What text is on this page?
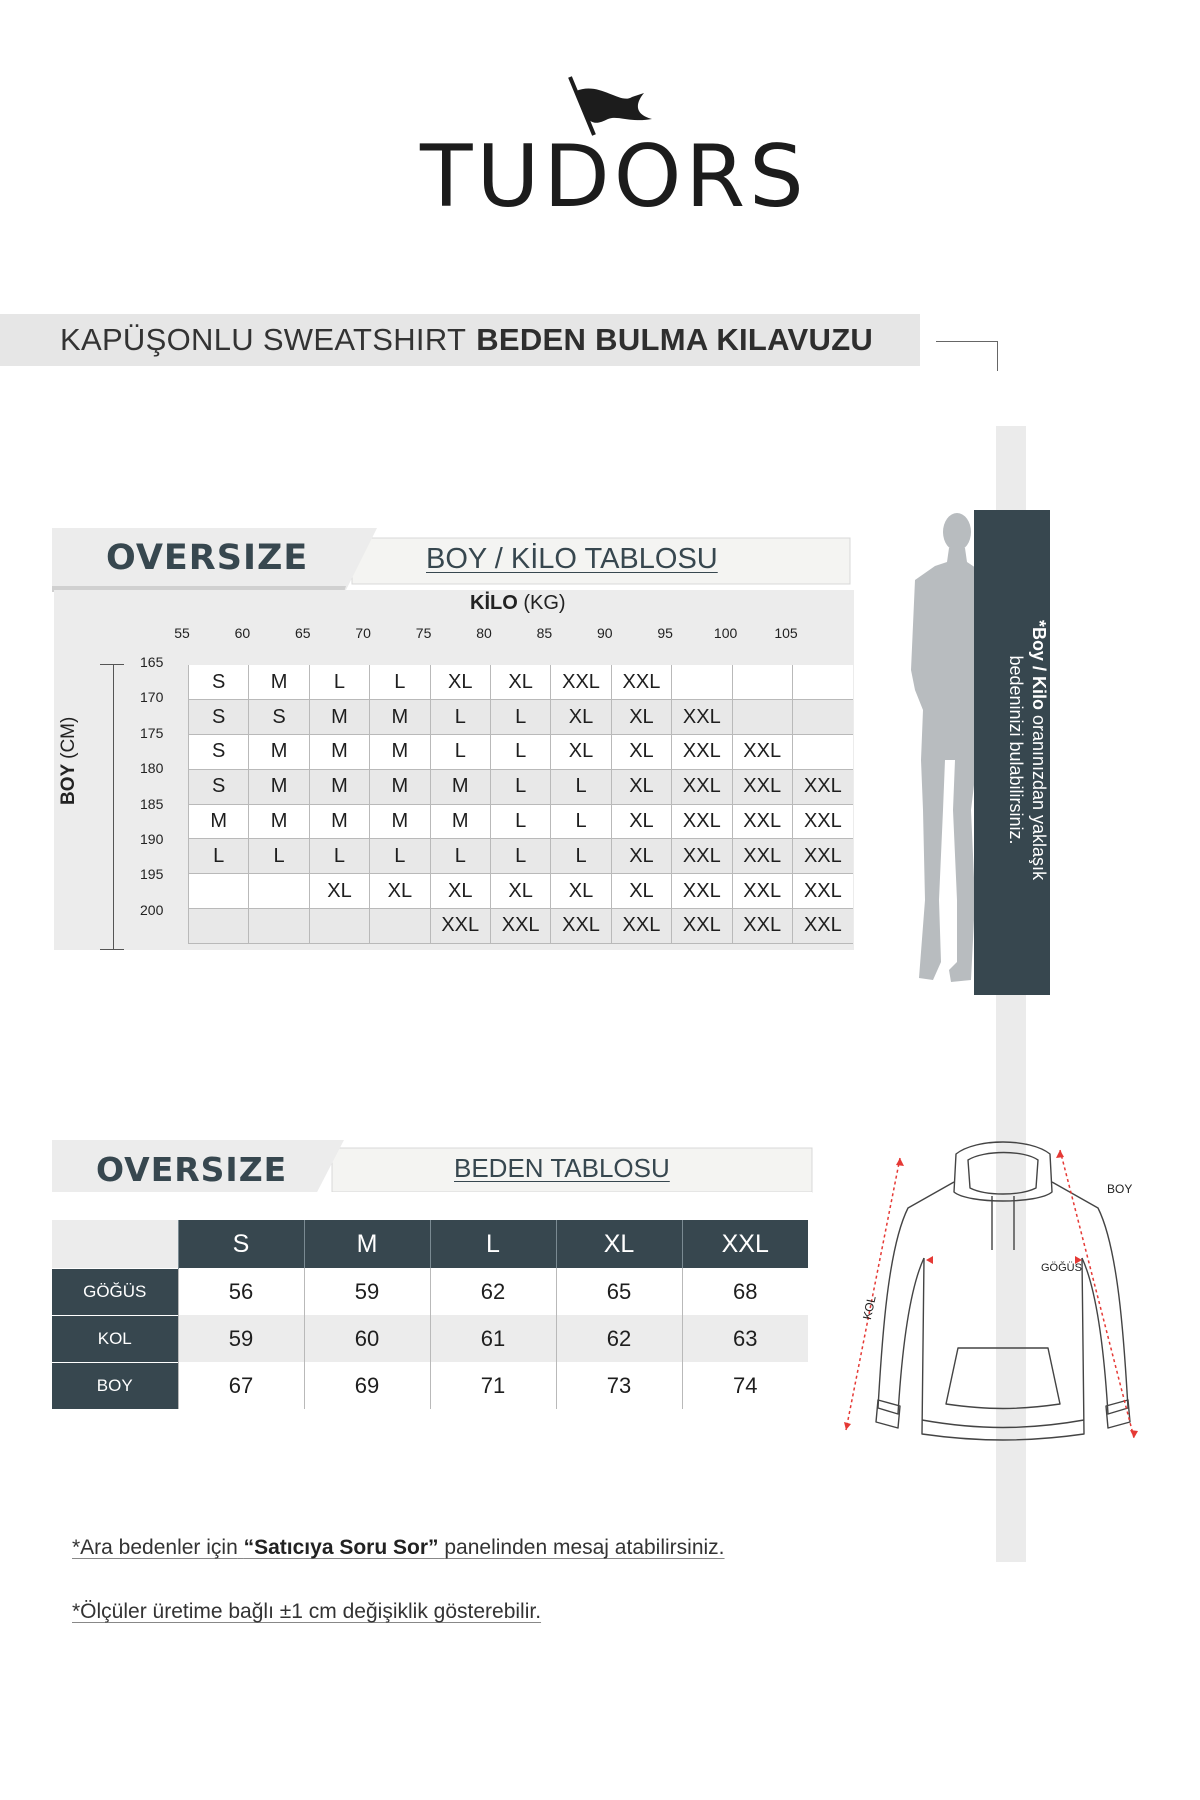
TUDORS
KAPÜŞONLU SWEATSHIRT BEDEN BULMA KILAVUZU
*Boy / Kilo oranınızdan yaklaşık
bedeninizi bulabilirsiniz.
OVERSIZE	BOY / KİLO TABLOSU
KİLO (KG)
55	60	65	70	75	80	85	90	95	100	105
165
170
175
180
185
190
195
200
BOY (CM)
S	M	L	L	XL	XL	XXL	XXL			
S	S	M	M	L	L	XL	XL	XXL		
S	M	M	M	L	L	XL	XL	XXL	XXL	
S	M	M	M	M	L	L	XL	XXL	XXL	XXL
M	M	M	M	M	L	L	XL	XXL	XXL	XXL
L	L	L	L	L	L	L	XL	XXL	XXL	XXL
		XL	XL	XL	XL	XL	XL	XXL	XXL	XXL
				XXL	XXL	XXL	XXL	XXL	XXL	XXL
OVERSIZE	BEDEN TABLOSU
	S	M	L	XL	XXL
GÖĞÜS	56	59	62	65	68
KOL	59	60	61	62	63
BOY	67	69	71	73	74
BOY
GÖĞÜS
KOL
*Ara bedenler için “Satıcıya Soru Sor” panelinden mesaj atabilirsiniz.
*Ölçüler üretime bağlı ±1 cm değişiklik gösterebilir.
